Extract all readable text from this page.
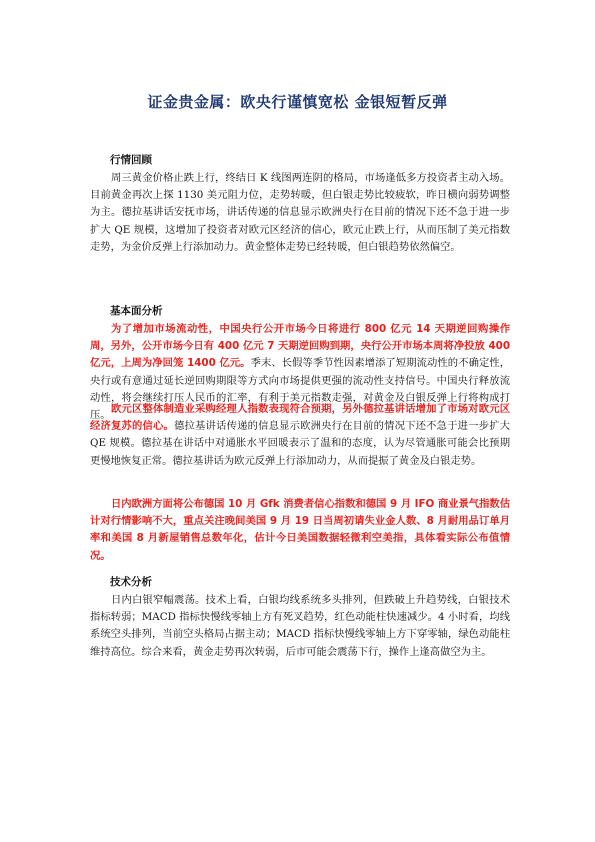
证金贵金属：欧央行谨慎宽松 金银短暂反弹
行情回顾

周三黄金价格止跌上行，终结日 K 线图两连阴的格局，市场逢低多方投资者主动入场。目前黄金再次上探 1130 美元阻力位，走势转暖，但白银走势比较疲软，昨日横向弱势调整为主。德拉基讲话安抚市场，讲话传递的信息显示欧洲央行在目前的情况下还不急于进一步扩大 QE 规模，这增加了投资者对欧元区经济的信心，欧元止跌上行，从而压制了美元指数走势，为金价反弹上行添加动力。黄金整体走势已经转暖，但白银趋势依然偏空。

基本面分析

为了增加市场流动性，中国央行公开市场今日将进行 800 亿元 14 天期逆回购操作周，另外，公开市场今日有 400 亿元 7 天期逆回购到期，央行公开市场本周将净投放 400 亿元，上周为净回笼 1400 亿元。季末、长假等季节性因素增添了短期流动性的不确定性，央行或有意通过延长逆回购期限等方式向市场提供更强的流动性支持信号。中国央行释放流动性，将会继续打压人民币的汇率，有利于美元指数走强，对黄金及白银反弹上行将构成打压。

欧元区整体制造业采购经理人指数表现符合预期，另外德拉基讲话增加了市场对欧元区经济复苏的信心。德拉基讲话传递的信息显示欧洲央行在目前的情况下还不急于进一步扩大 QE 规模。德拉基在讲话中对通胀水平回暖表示了温和的态度，认为尽管通胀可能会比预期更慢地恢复正常。德拉基讲话为欧元反弹上行添加动力，从而提振了黄金及白银走势。

日内欧洲方面将公布德国 10 月 Gfk 消费者信心指数和德国 9 月 IFO 商业景气指数估计对行情影响不大，重点关注晚间美国 9 月 19 日当周初请失业金人数、8 月耐用品订单月率和美国 8 月新屋销售总数年化，估计今日美国数据轻微利空美指，具体看实际公布值情况。

技术分析

日内白银窄幅震荡。技术上看，白银均线系统多头排列，但跌破上升趋势线，白银技术指标转弱；MACD 指标快慢线零轴上方有死叉趋势，红色动能柱快速减少。4 小时看，均线系统空头排列，当前空头格局占据主动；MACD 指标快慢线零轴上方下穿零轴，绿色动能柱维持高位。综合来看，黄金走势再次转弱，后市可能会震荡下行，操作上逢高做空为主。
